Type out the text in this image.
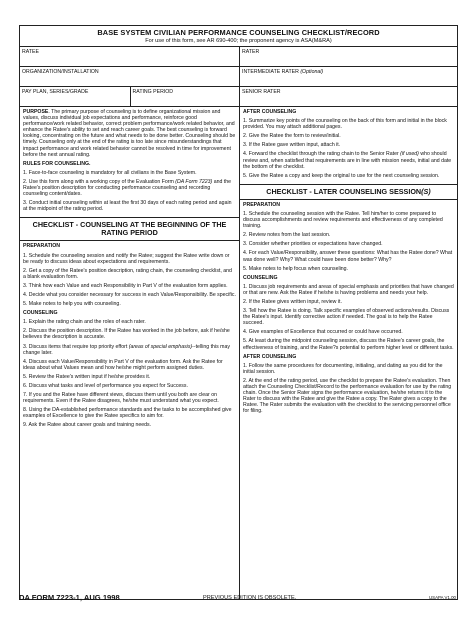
BASE SYSTEM CIVILIAN PERFORMANCE COUNSELING CHECKLIST/RECORD
For use of this form, see AR 690-400; the proponent agency is ASA(M&RA)
RATEE	RATER
ORGANIZATION/INSTALLATION	INTERMEDIATE RATER (Optional)
PAY PLAN, SERIES/GRADE	RATING PERIOD	SENIOR RATER
PURPOSE. The primary purpose of counseling is to define organizational mission and values, discuss individual job expectations and performance, reinforce good performance/work related behavior, correct problem performance/work related behavior, and enhance the Ratee's ability to set and reach career goals. The best counseling is forward looking, concentrating on the future and what needs to be done better. Counseling should be timely. Counseling only at the end of the rating is too late since misunderstandings that impact performance and work related behavior cannot be resolved in time for improvement before the next annual rating.
RULES FOR COUNSELING.
1. Face-to-face counseling is mandatory for all civilians in the Base System.
2. Use this form along with a working copy of the Evaluation Form (DA Form 7223) and the Ratee's position description for conducting performance counseling and recording counseling content/dates.
3. Conduct initial counseling within at least the first 30 days of each rating period and again at the midpoint of the rating period.
CHECKLIST - COUNSELING AT THE BEGINNING OF THE RATING PERIOD
PREPARATION
1. Schedule the counseling session and notify the Ratee; suggest the Ratee write down or be ready to discuss ideas about expectations and requirements.
2. Get a copy of the Ratee's position description, rating chain, the counseling checklist, and a blank evaluation form.
3. Think how each Value and each Responsibility in Part V of the evaluation form applies.
4. Decide what you consider necessary for success in each Value/Responsibility. Be specific.
5. Make notes to help you with counseling.
COUNSELING
1. Explain the rating chain and the roles of each rater.
2. Discuss the position description. If the Ratee has worked in the job before, ask if he/she believes the description is accurate.
3. Discuss items that require top priority effort (areas of special emphasis)--telling this may change later.
4. Discuss each Value/Responsibility in Part V of the evaluation form. Ask the Ratee for ideas about what Values mean and how he/she might perform assigned duties.
5. Review the Ratee's written input if he/she provides it.
6. Discuss what tasks and level of performance you expect for Success.
7. If you and the Ratee have different views, discuss them until you both are clear on requirements. Even if the Ratee disagrees, he/she must understand what you expect.
8. Using the DA-established performance standards and the tasks to be accomplished give examples of Excellence to give the Ratee specifics to aim for.
9. Ask the Ratee about career goals and training needs.
AFTER COUNSELING
1. Summarize key points of the counseling on the back of this form and initial in the block provided. You may attach additional pages.
2. Give the Ratee the form to review/initial.
3. If the Ratee gave written input, attach it.
4. Forward the checklist through the rating chain to the Senior Rater (if used) who should review and, when satisfied that requirements are in line with mission needs, initial and date the bottom of the checklist.
5. Give the Ratee a copy and keep the original to use for the next counseling session.
CHECKLIST - LATER COUNSELING SESSION(S)
PREPARATION
1. Schedule the counseling session with the Ratee. Tell him/her to come prepared to discuss accomplishments and review requirements and effectiveness of any completed training.
2. Review notes from the last session.
3. Consider whether priorities or expectations have changed.
4. For each Value/Responsibility, answer these questions: What has the Ratee done? What was done well? Why? What could have been done better? Why?
5. Make notes to help focus when counseling.
COUNSELING
1. Discuss job requirements and areas of special emphasis and priorities that have changed or that are new. Ask the Ratee if he/she is having problems and needs your help.
2. If the Ratee gives written input, review it.
3. Tell how the Ratee is doing. Talk specific examples of observed actions/results. Discuss the Ratee's input. Identify corrective action if needed. The goal is to help the Ratee succeed.
4. Give examples of Excellence that occurred or could have occurred.
5. At least during the midpoint counseling session, discuss the Ratee's career goals, the effectiveness of training, and the Ratee?s potential to perform higher level or different tasks.
AFTER COUNSELING
1. Follow the same procedures for documenting, initialing, and dating as you did for the initial session.
2. At the end of the rating period, use the checklist to prepare the Ratee's evaluation. Then attach the Counseling Checklist/Record to the performance evaluation for use by the rating chain. Once the Senior Rater signs the performance evaluation, he/she returns it to the Rater to discuss with the Ratee and give the Ratee a copy. The Rater gives a copy to the Ratee. The Rater submits the evaluation with the checklist to the servicing personnel office for filing.
DA FORM 7223-1, AUG 1998	PREVIOUS EDITION IS OBSOLETE.	USAPA V1.00
